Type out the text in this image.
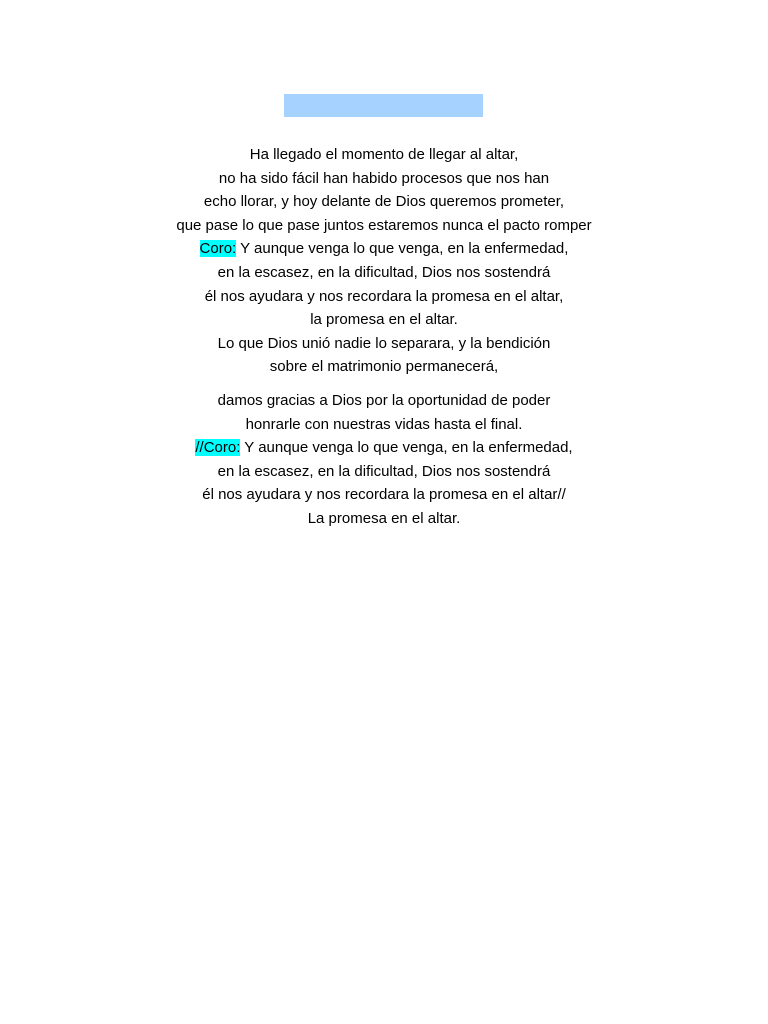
Ha llegado el momento de llegar al altar,
no ha sido fácil han habido procesos que nos han
echo llorar, y hoy delante de Dios queremos prometer,
que pase lo que pase juntos estaremos nunca el pacto romper
Coro: Y aunque venga lo que venga, en la enfermedad,
en la escasez, en la dificultad, Dios nos sostendrá
él nos ayudara y nos recordara la promesa en el altar,
la promesa en el altar.
Lo que Dios unió nadie lo separara, y la bendición
sobre el matrimonio permanecerá,
damos gracias a Dios por la oportunidad de poder
honrarle con nuestras vidas hasta el final.
//Coro: Y aunque venga lo que venga, en la enfermedad,
en la escasez, en la dificultad, Dios nos sostendrá
él nos ayudara y nos recordara la promesa en el altar//
La promesa en el altar.
